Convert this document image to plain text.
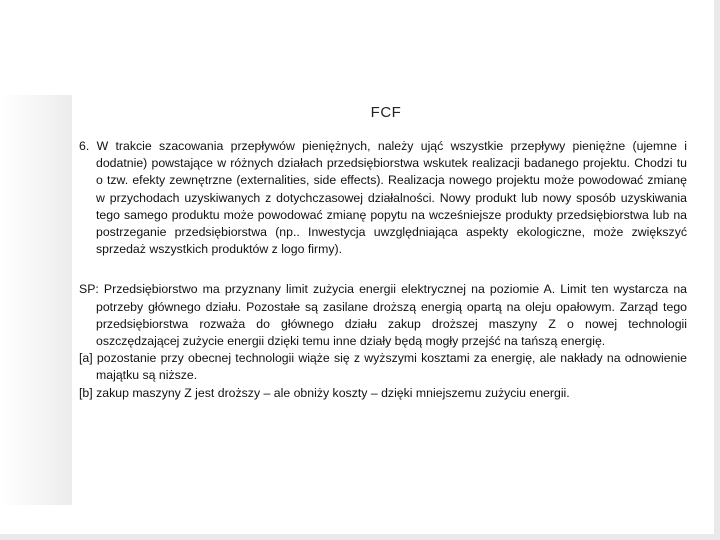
FCF

6. W trakcie szacowania przepływów pieniężnych, należy ująć wszystkie przepływy pieniężne (ujemne i dodatnie) powstające w różnych działach przedsiębiorstwa wskutek realizacji badanego projektu. Chodzi tu o tzw. efekty zewnętrzne (externalities, side effects). Realizacja nowego projektu może powodować zmianę w przychodach uzyskiwanych z dotychczasowej działalności. Nowy produkt lub nowy sposób uzyskiwania tego samego produktu może powodować zmianę popytu na wcześniejsze produkty przedsiębiorstwa lub na postrzeganie przedsiębiorstwa (np.. Inwestycja uwzględniająca aspekty ekologiczne, może zwiększyć sprzedaż wszystkich produktów z logo firmy).

SP: Przedsiębiorstwo ma przyznany limit zużycia energii elektrycznej na poziomie A. Limit ten wystarcza na potrzeby głównego działu. Pozostałe są zasilane droższą energią opartą na oleju opałowym. Zarząd tego przedsiębiorstwa rozważa do głównego działu zakup droższej maszyny Z o nowej technologii oszczędzającej zużycie energii dzięki temu inne działy będą mogły przejść na tańszą energię.

[a] pozostanie przy obecnej technologii wiąże się z wyższymi kosztami za energię, ale nakłady na odnowienie majątku są niższe.

[b] zakup maszyny Z jest droższy – ale obniży koszty – dzięki mniejszemu zużyciu energii.
